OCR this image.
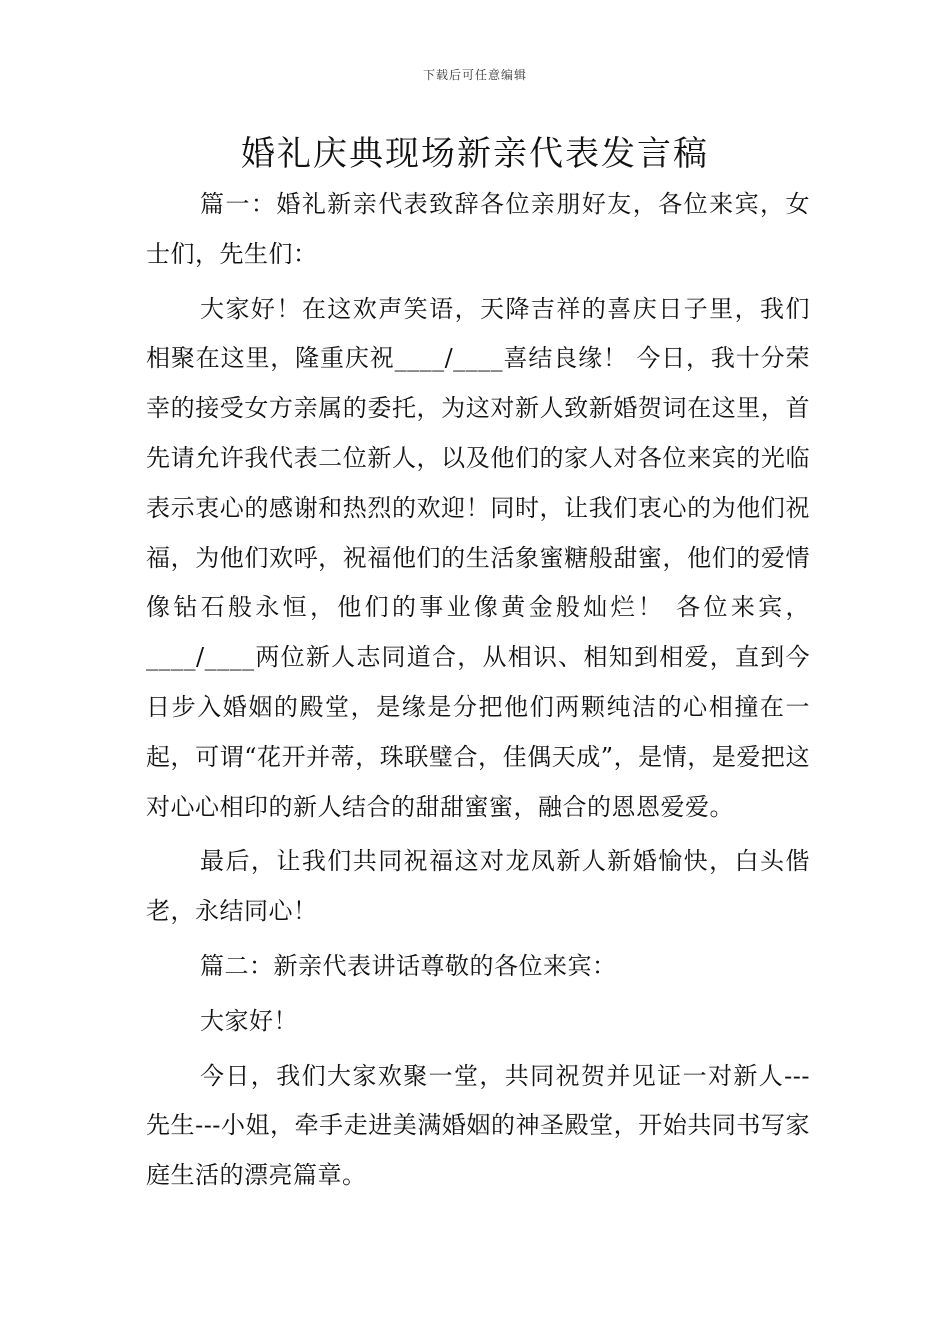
下载后可任意编辑
婚礼庆典现场新亲代表发言稿

篇一：婚礼新亲代表致辞各位亲朋好友，各位来宾，女士们，先生们：

大家好！在这欢声笑语，天降吉祥的喜庆日子里，我们相聚在这里，隆重庆祝____/____喜结良缘！ 今日，我十分荣幸的接受女方亲属的委托，为这对新人致新婚贺词在这里，首先请允许我代表二位新人，以及他们的家人对各位来宾的光临表示衷心的感谢和热烈的欢迎！同时，让我们衷心的为他们祝福，为他们欢呼，祝福他们的生活象蜜糖般甜蜜，他们的爱情像钻石般永恒，他们的事业像黄金般灿烂！ 各位来宾，____/____两位新人志同道合，从相识、相知到相爱，直到今日步入婚姻的殿堂，是缘是分把他们两颗纯洁的心相撞在一起，可谓“花开并蒂，珠联璧合，佳偶天成”，是情，是爱把这对心心相印的新人结合的甜甜蜜蜜，融合的恩恩爱爱。

最后，让我们共同祝福这对龙凤新人新婚愉快，白头偕老，永结同心！

篇二：新亲代表讲话尊敬的各位来宾：

大家好！

今日，我们大家欢聚一堂，共同祝贺并见证一对新人---先生---小姐，牵手走进美满婚姻的神圣殿堂，开始共同书写家庭生活的漂亮篇章。
